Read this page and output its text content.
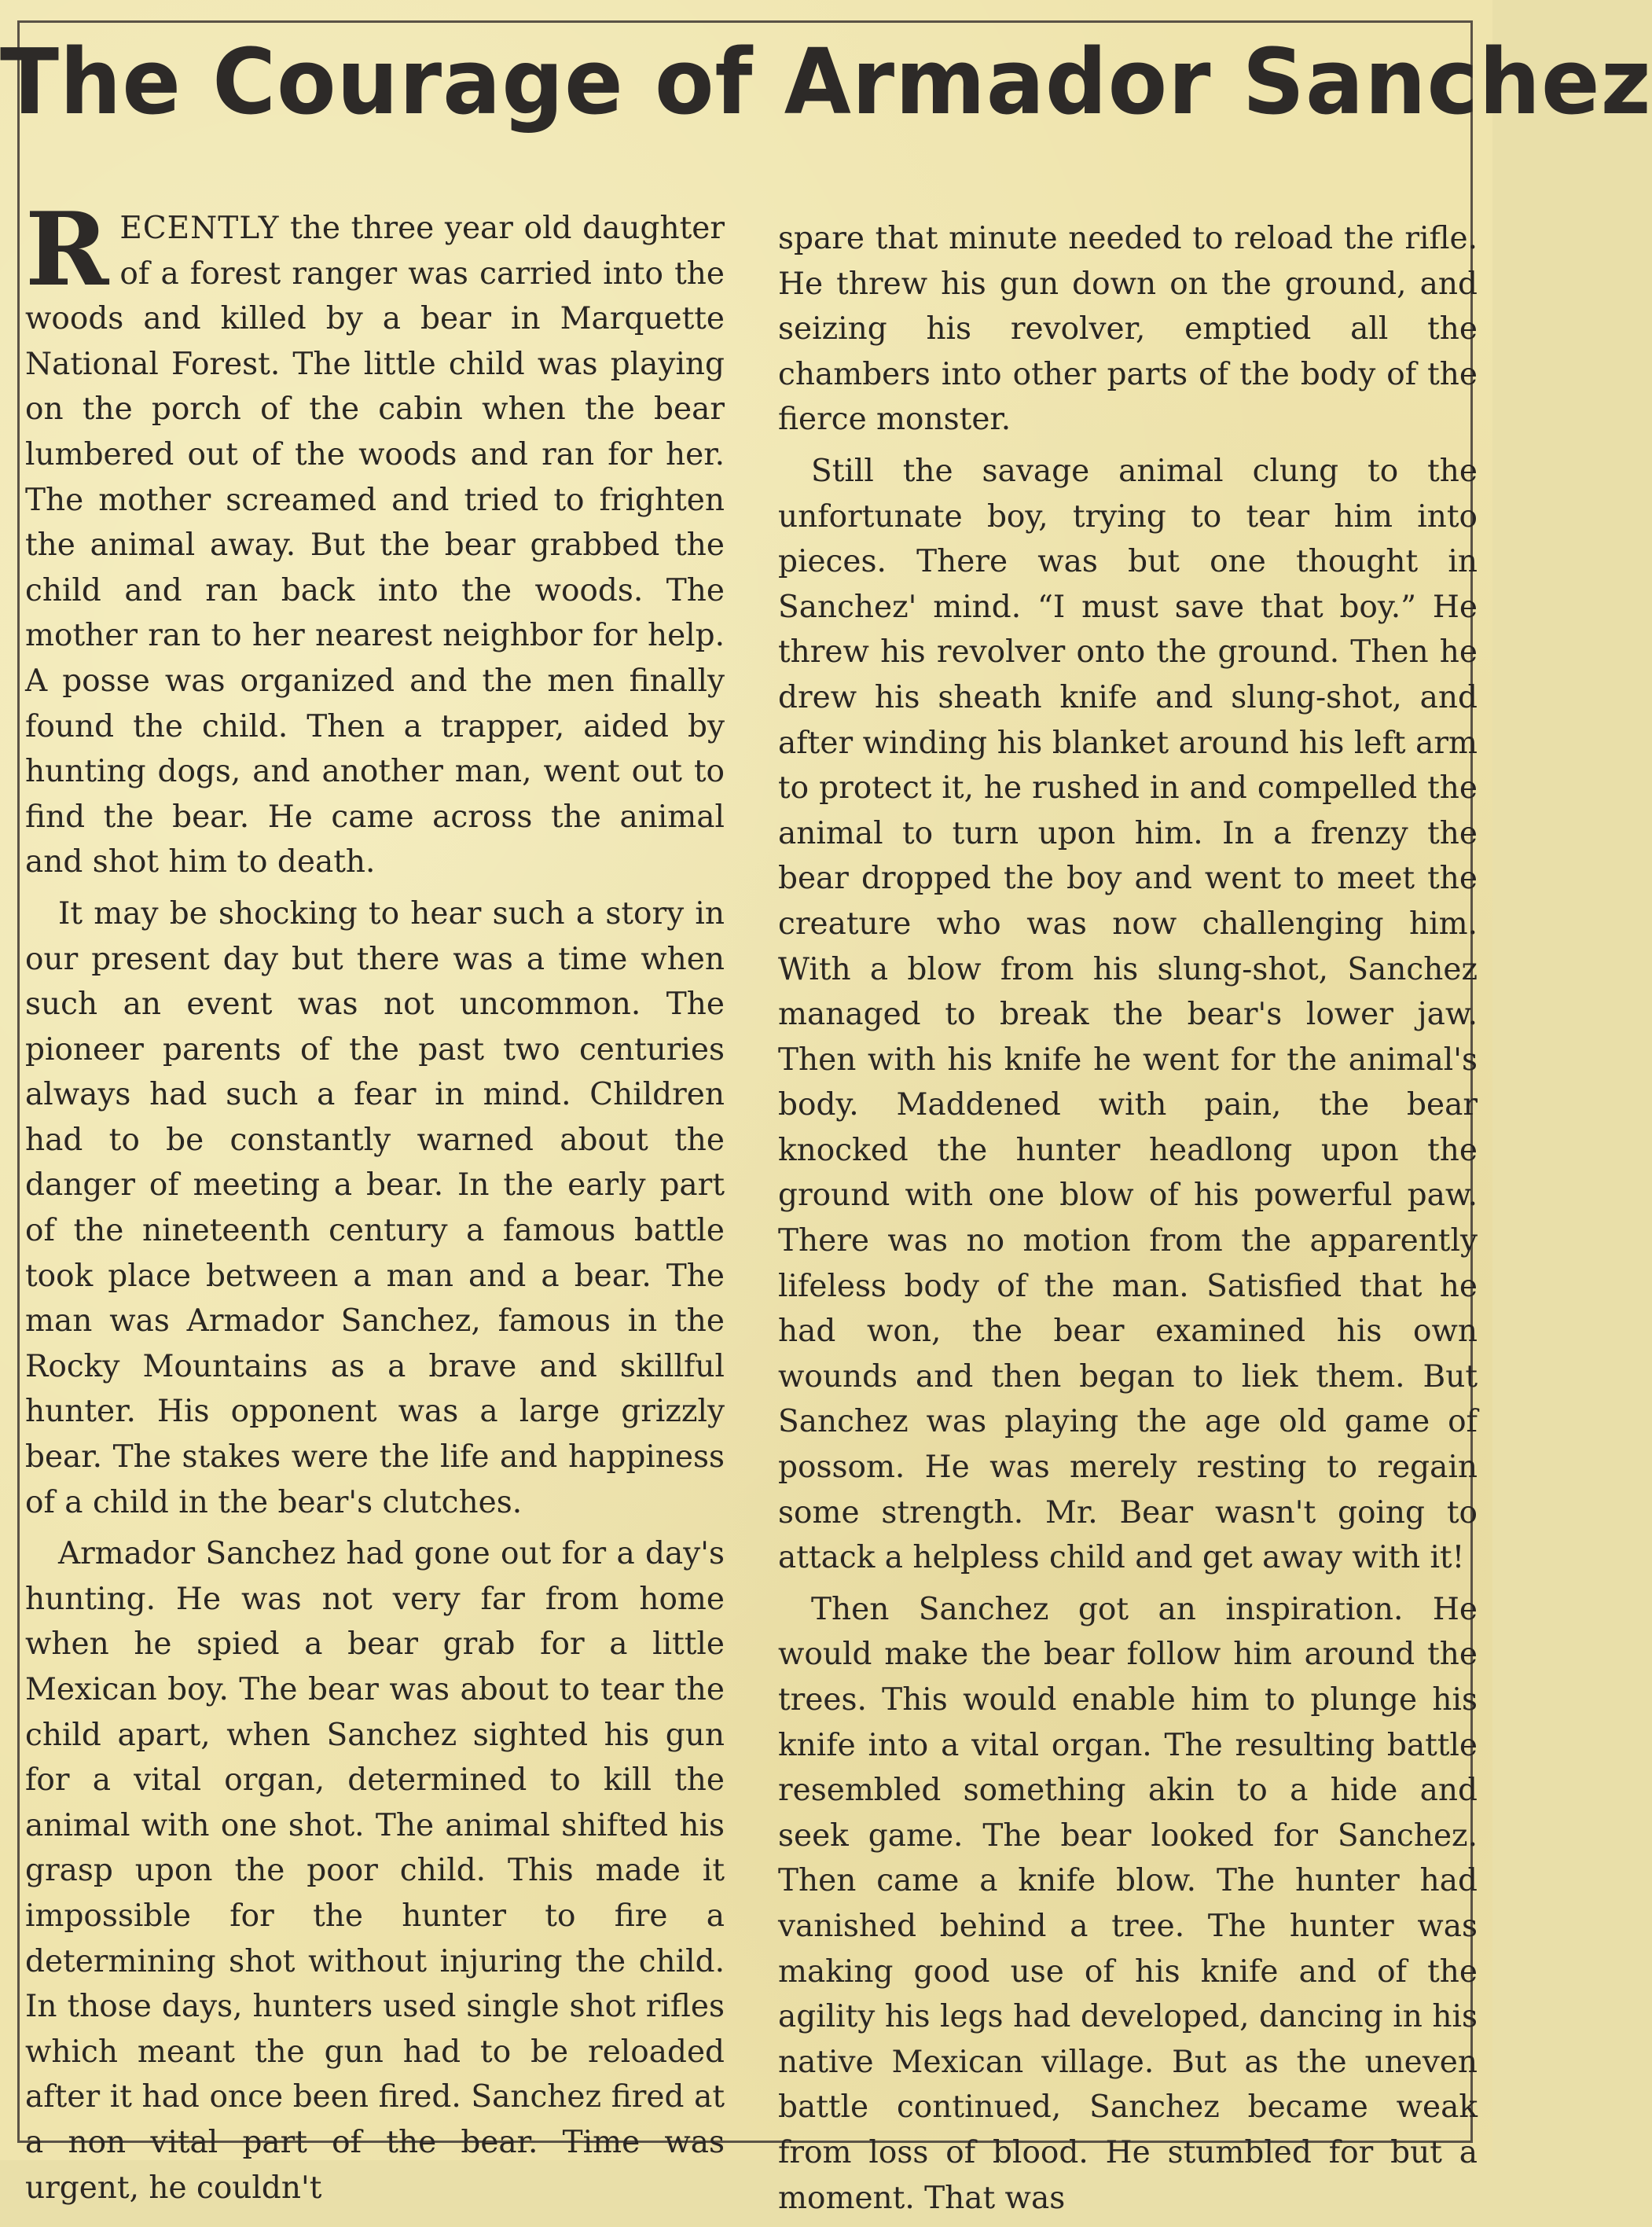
The Courage of Armador Sanchez

RECENTLY the three year old daughter of a forest ranger was carried into the woods and killed by a bear in Marquette National Forest. The little child was playing on the porch of the cabin when the bear lumbered out of the woods and ran for her. The mother screamed and tried to frighten the animal away. But the bear grabbed the child and ran back into the woods. The mother ran to her nearest neighbor for help. A posse was organized and the men finally found the child. Then a trapper, aided by hunting dogs, and another man, went out to find the bear. He came across the animal and shot him to death.

It may be shocking to hear such a story in our present day but there was a time when such an event was not uncommon. The pioneer parents of the past two centuries always had such a fear in mind. Children had to be constantly warned about the danger of meeting a bear. In the early part of the nineteenth century a famous battle took place between a man and a bear. The man was Armador Sanchez, famous in the Rocky Mountains as a brave and skillful hunter. His opponent was a large grizzly bear. The stakes were the life and happiness of a child in the bear's clutches.

Armador Sanchez had gone out for a day's hunting. He was not very far from home when he spied a bear grab for a little Mexican boy. The bear was about to tear the child apart, when Sanchez sighted his gun for a vital organ, determined to kill the animal with one shot. The animal shifted his grasp upon the poor child. This made it impossible for the hunter to fire a determining shot without injuring the child. In those days, hunters used single shot rifles which meant the gun had to be reloaded after it had once been fired. Sanchez fired at a non vital part of the bear. Time was urgent, he couldn't

spare that minute needed to reload the rifle. He threw his gun down on the ground, and seizing his revolver, emptied all the chambers into other parts of the body of the fierce monster.

Still the savage animal clung to the unfortunate boy, trying to tear him into pieces. There was but one thought in Sanchez' mind. “I must save that boy.” He threw his revolver onto the ground. Then he drew his sheath knife and slung-shot, and after winding his blanket around his left arm to protect it, he rushed in and compelled the animal to turn upon him. In a frenzy the bear dropped the boy and went to meet the creature who was now challenging him. With a blow from his slung-shot, Sanchez managed to break the bear's lower jaw. Then with his knife he went for the animal's body. Maddened with pain, the bear knocked the hunter headlong upon the ground with one blow of his powerful paw. There was no motion from the apparently lifeless body of the man. Satisfied that he had won, the bear examined his own wounds and then began to liek them. But Sanchez was playing the age old game of possom. He was merely resting to regain some strength. Mr. Bear wasn't going to attack a helpless child and get away with it!

Then Sanchez got an inspiration. He would make the bear follow him around the trees. This would enable him to plunge his knife into a vital organ. The resulting battle resembled something akin to a hide and seek game. The bear looked for Sanchez. Then came a knife blow. The hunter had vanished behind a tree. The hunter was making good use of his knife and of the agility his legs had developed, dancing in his native Mexican village. But as the uneven battle continued, Sanchez became weak from loss of blood. He stumbled for but a moment. That was
